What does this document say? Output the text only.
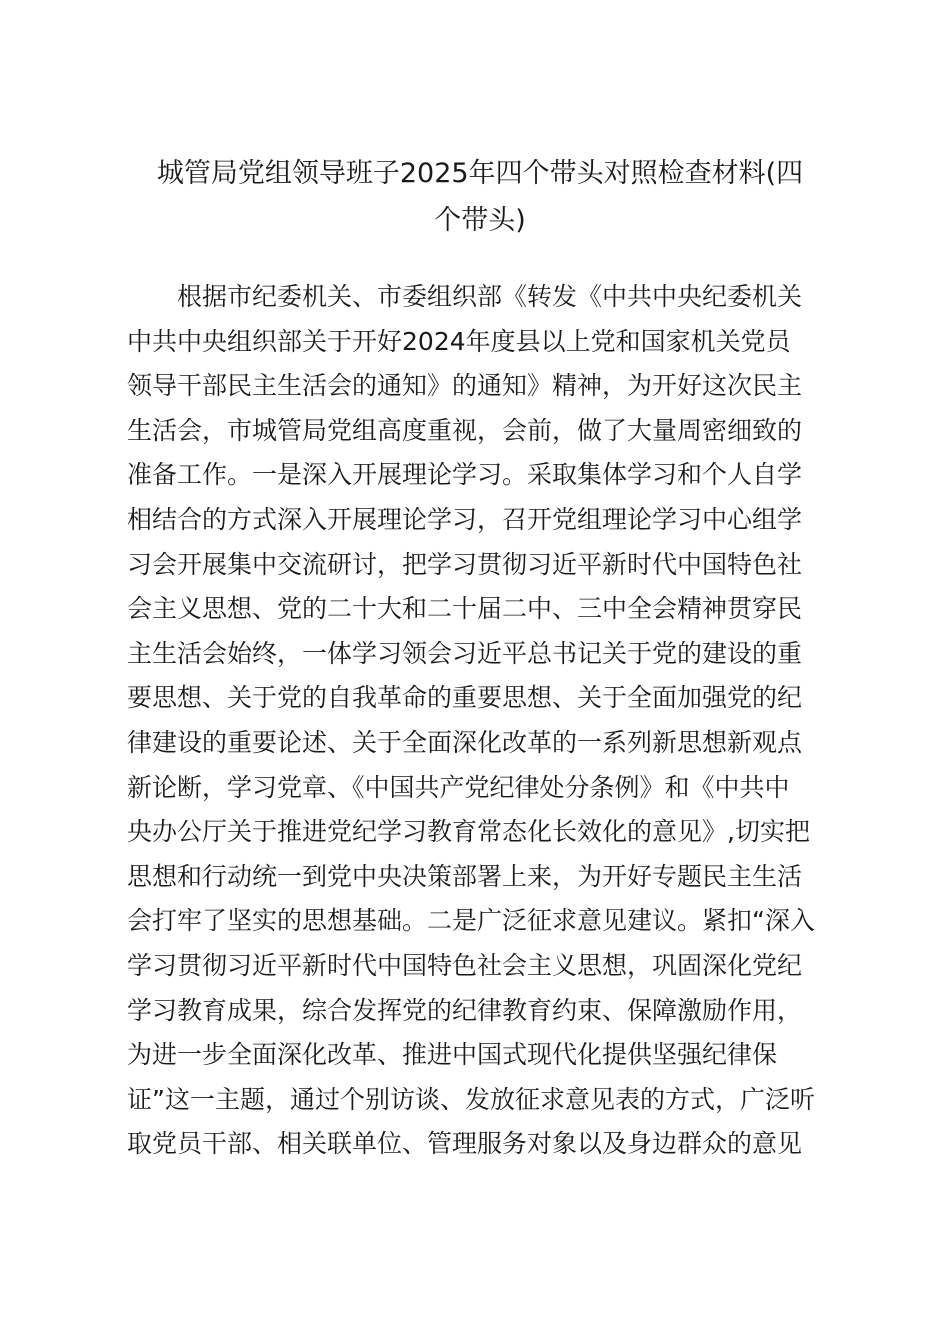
城管局党组领导班子2025年四个带头对照检查材料(四
个带头)
根据市纪委机关、市委组织部《转发《中共中央纪委机关
中共中央组织部关于开好2024年度县以上党和国家机关党员
领导干部民主生活会的通知》的通知》精神，为开好这次民主
生活会，市城管局党组高度重视，会前，做了大量周密细致的
准备工作。一是深入开展理论学习。采取集体学习和个人自学
相结合的方式深入开展理论学习，召开党组理论学习中心组学
习会开展集中交流研讨，把学习贯彻习近平新时代中国特色社
会主义思想、党的二十大和二十届二中、三中全会精神贯穿民
主生活会始终，一体学习领会习近平总书记关于党的建设的重
要思想、关于党的自我革命的重要思想、关于全面加强党的纪
律建设的重要论述、关于全面深化改革的一系列新思想新观点
新论断，学习党章、《中国共产党纪律处分条例》和《中共中
央办公厅关于推进党纪学习教育常态化长效化的意见》,切实把
思想和行动统一到党中央决策部署上来，为开好专题民主生活
会打牢了坚实的思想基础。二是广泛征求意见建议。紧扣“深入
学习贯彻习近平新时代中国特色社会主义思想，巩固深化党纪
学习教育成果，综合发挥党的纪律教育约束、保障激励作用，
为进一步全面深化改革、推进中国式现代化提供坚强纪律保
证”这一主题，通过个别访谈、发放征求意见表的方式，广泛听
取党员干部、相关联单位、管理服务对象以及身边群众的意见
